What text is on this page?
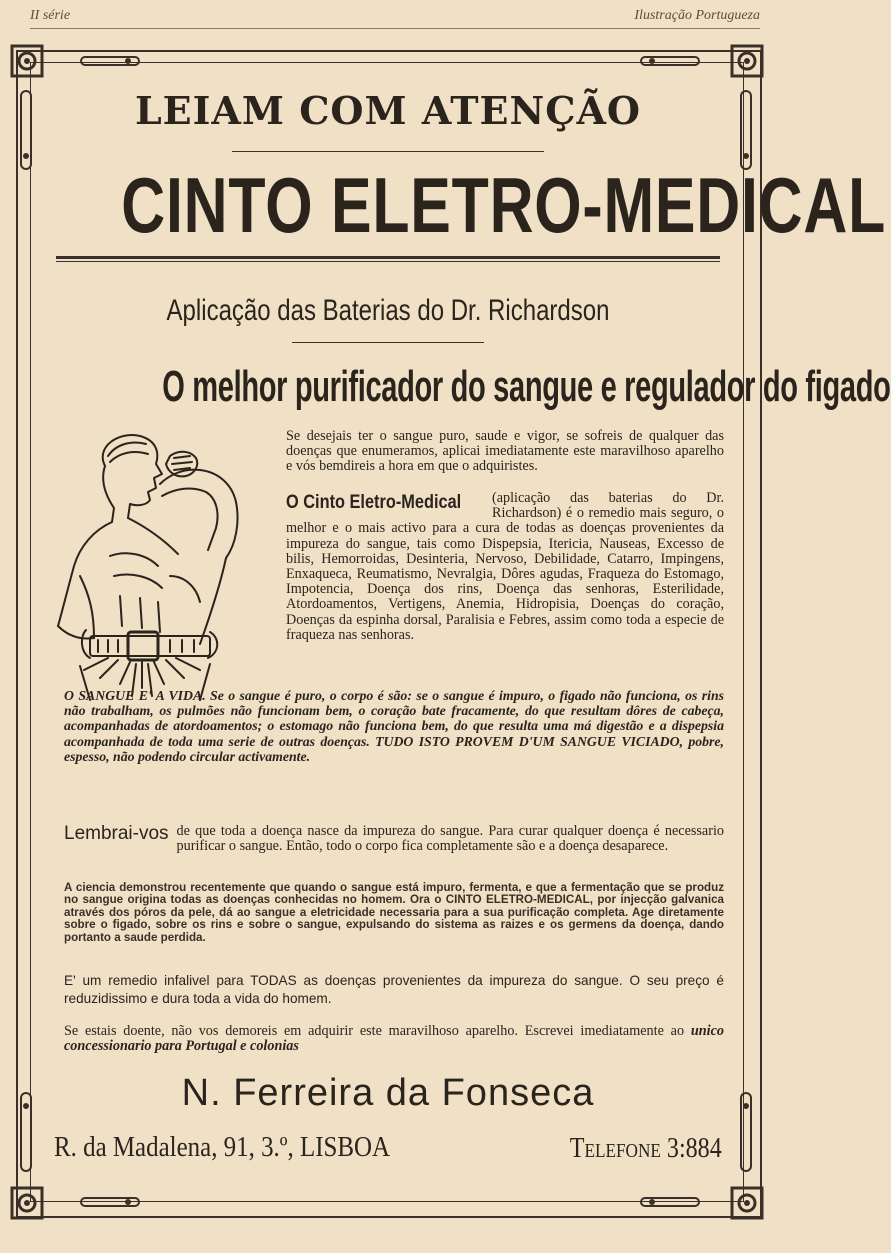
II série	Ilustração Portugueza
LEIAM COM ATENÇÃO
CINTO ELETRO-MEDICAL
Aplicação das Baterias do Dr. Richardson
O melhor purificador do sangue e regulador do figado
Se desejais ter o sangue puro, saude e vigor, se sofreis de qualquer das doenças que enumeramos, aplicai imediatamente este maravilhoso aparelho e vós bemdireis a hora em que o adquiristes.
O Cinto Eletro-Medical (aplicação das baterias do Dr. Richardson) é o remedio mais seguro, o melhor e o mais activo para a cura de todas as doenças provenientes da impureza do sangue, tais como Dispepsia, Itericia, Nauseas, Excesso de bilis, Hemorroidas, Desinteria, Nervoso, Debilidade, Catarro, Impingens, Enxaqueca, Reumatismo, Nevralgia, Dôres agudas, Fraqueza do Estomago, Impotencia, Doença dos rins, Doença das senhoras, Esterilidade, Atordoamentos, Vertigens, Anemia, Hidropisia, Doenças do coração, Doenças da espinha dorsal, Paralisia e Febres, assim como toda a especie de fraqueza nas senhoras.
O SANGUE E' A VIDA. Se o sangue é puro, o corpo é são: se o sangue é impuro, o figado não funciona, os rins não trabalham, os pulmões não funcionam bem, o coração bate fracamente, do que resultam dôres de cabeça, acompanhadas de atordoamentos; o estomago não funciona bem, do que resulta uma má digestão e a dispepsia acompanhada de toda uma serie de outras doenças. TUDO ISTO PROVEM D'UM SANGUE VICIADO, pobre, espesso, não podendo circular activamente.
Lembrai-vos de que toda a doença nasce da impureza do sangue. Para curar qualquer doença é necessario purificar o sangue. Então, todo o corpo fica completamente são e a doença desaparece.
A ciencia demonstrou recentemente que quando o sangue está impuro, fermenta, e que a fermentação que se produz no sangue origina todas as doenças conhecidas no homem. Ora o CINTO ELETRO-MEDICAL, por injecção galvanica através dos póros da pele, dá ao sangue a eletricidade necessaria para a sua purificação completa. Age diretamente sobre o figado, sobre os rins e sobre o sangue, expulsando do sistema as raizes e os germens da doença, dando portanto a saude perdida.
E' um remedio infalivel para TODAS as doenças provenientes da impureza do sangue. O seu preço é reduzidissimo e dura toda a vida do homem.
Se estais doente, não vos demoreis em adquirir este maravilhoso aparelho. Escrevei imediatamente ao unico concessionario para Portugal e colonias
N. Ferreira da Fonseca
R. da Madalena, 91, 3.º, LISBOA	Telefone 3:884
